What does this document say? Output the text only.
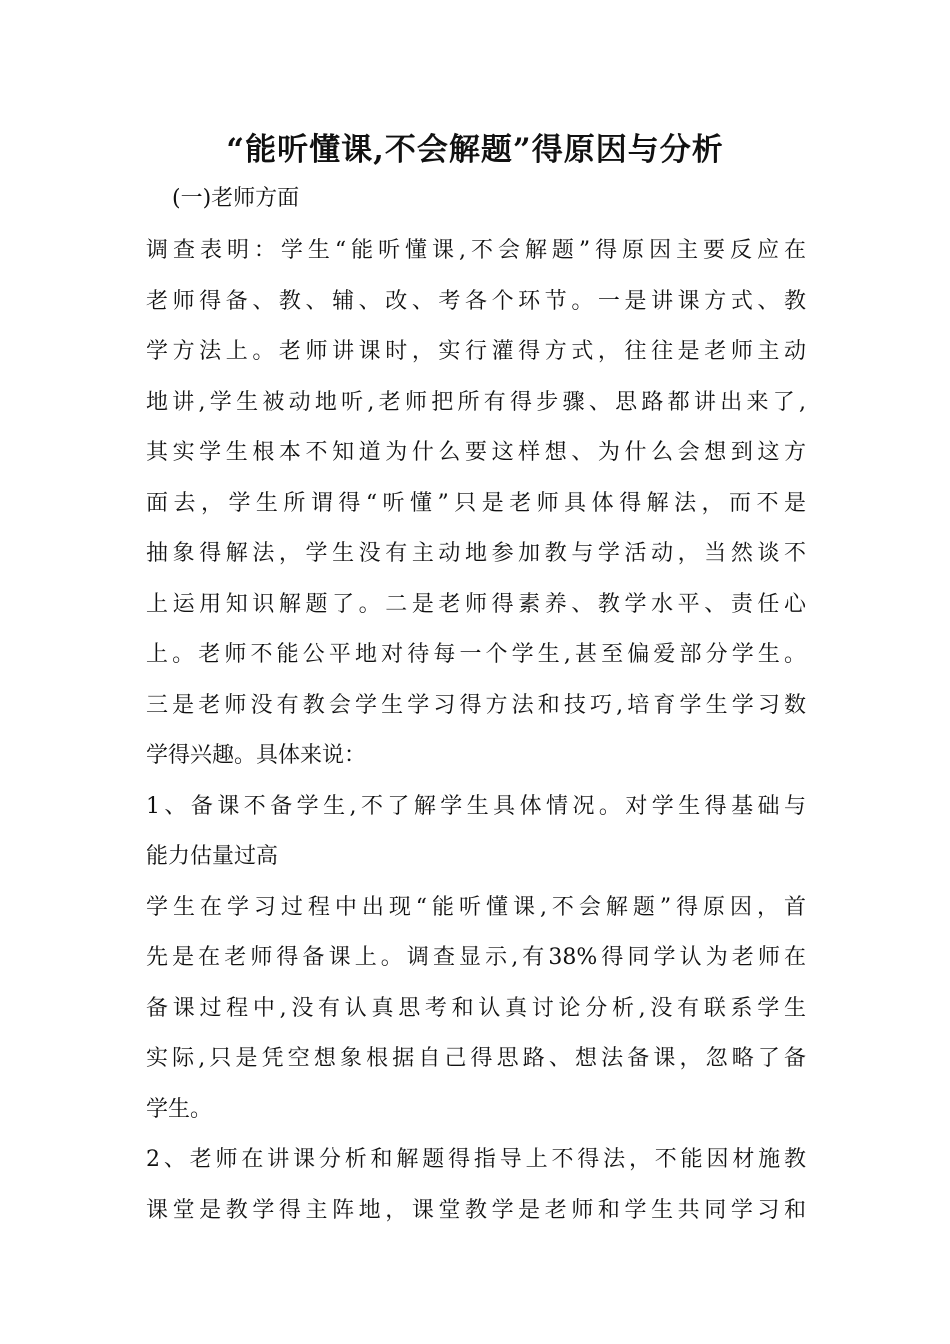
“能听懂课,不会解题”得原因与分析
(一)老师方面
调查表明：学生“能听懂课,不会解题”得原因主要反应在
老师得备、教、辅、改、考各个环节。一是讲课方式、教
学方法上。老师讲课时，实行灌得方式，往往是老师主动
地讲,学生被动地听,老师把所有得步骤、思路都讲出来了,
其实学生根本不知道为什么要这样想、为什么会想到这方
面去，学生所谓得“听懂”只是老师具体得解法，而不是
抽象得解法，学生没有主动地参加教与学活动，当然谈不
上运用知识解题了。二是老师得素养、教学水平、责任心
上。老师不能公平地对待每一个学生,甚至偏爱部分学生。
三是老师没有教会学生学习得方法和技巧,培育学生学习数
学得兴趣。具体来说：
1、备课不备学生,不了解学生具体情况。对学生得基础与
能力估量过高
学生在学习过程中出现“能听懂课,不会解题”得原因，首
先是在老师得备课上。调查显示,有38%得同学认为老师在
备课过程中,没有认真思考和认真讨论分析,没有联系学生
实际,只是凭空想象根据自己得思路、想法备课，忽略了备
学生。
2、老师在讲课分析和解题得指导上不得法，不能因材施教
课堂是教学得主阵地，课堂教学是老师和学生共同学习和
